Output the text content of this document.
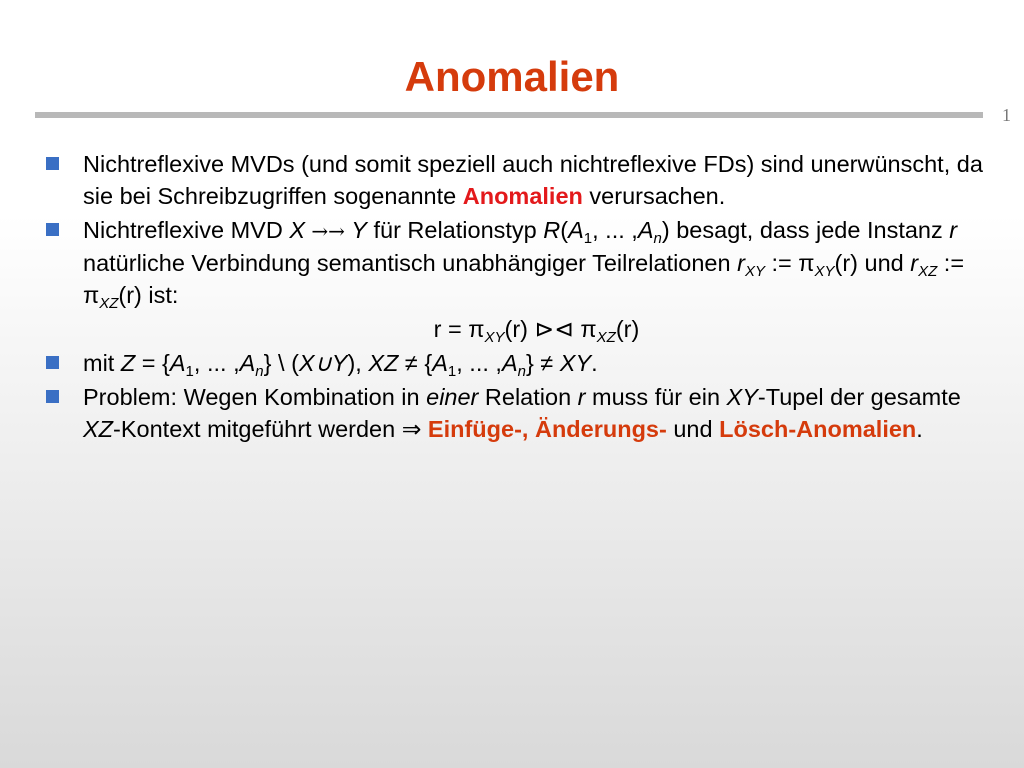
Anomalien
1
Nichtreflexive MVDs (und somit speziell auch nichtreflexive FDs) sind unerwünscht, da sie bei Schreibzugriffen sogenannte Anomalien verursachen.
Nichtreflexive MVD X →→ Y für Relationstyp $R(A_1$, ... $,A_n$) besagt, dass jede Instanz r natürliche Verbindung semantisch unabhängiger Teilrelationen $r_{XY}$ := $\pi_{XY}(r)$ und $r_{XZ}$ := $\pi_{XZ}(r)$ ist:
$r = \pi_{XY}(r)$ ⊳⊲ $\pi_{XZ}(r)$
mit $Z = \{A_1$, ... $,A_n$} \ (X∪Y), XZ ≠ {$A_1$, ... $,A_n$} ≠ XY.
Problem: Wegen Kombination in einer Relation r muss für ein XY-Tupel der gesamte XZ-Kontext mitgeführt werden ⇒ Einfüge-, Änderungs- und Lösch-Anomalien.
